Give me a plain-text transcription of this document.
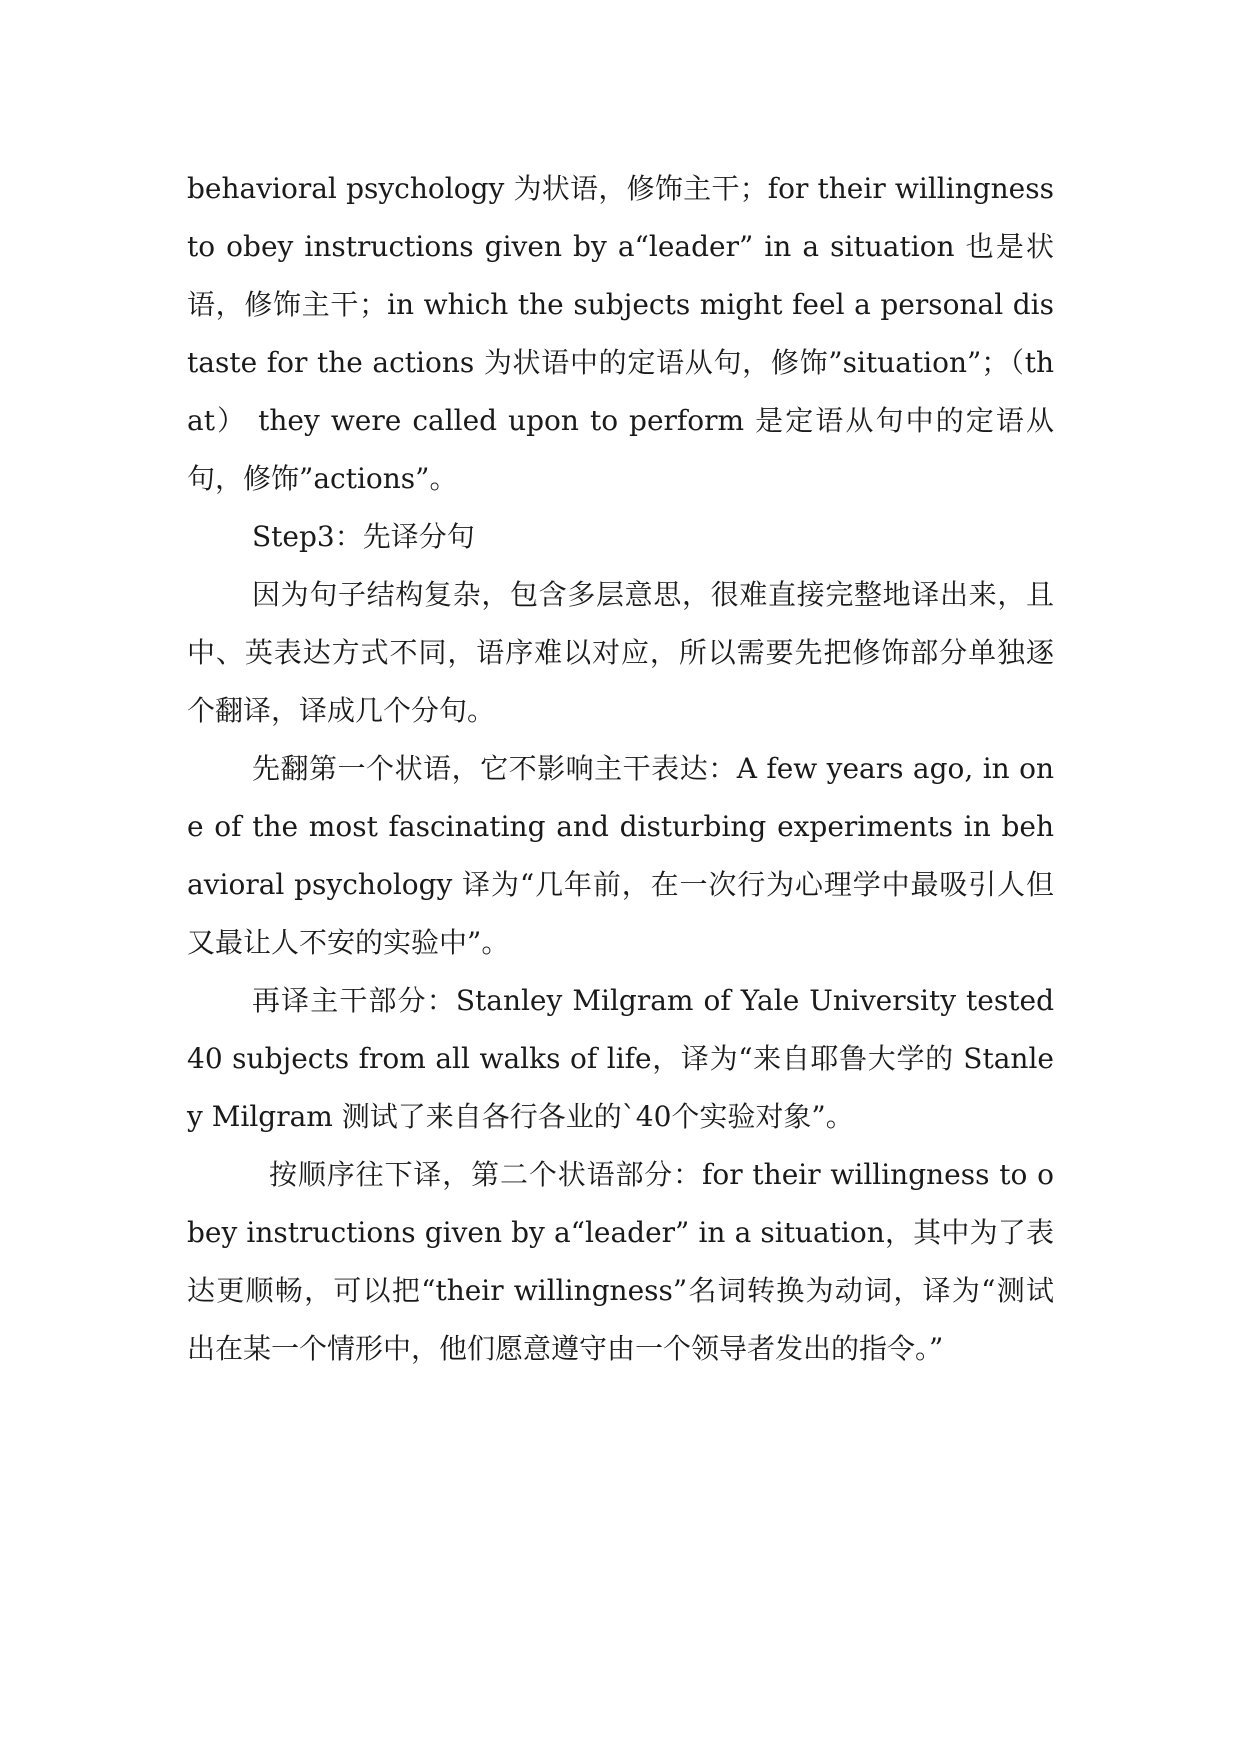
behavioral psychology 为状语，修饰主干；for their willingness to obey instructions given by a“leader” in a situation 也是状语，修饰主干；in which the subjects might feel a personal distaste for the actions 为状语中的定语从句，修饰”situation”；（that） they were called upon to perform 是定语从句中的定语从句，修饰”actions”。

Step3：先译分句

因为句子结构复杂，包含多层意思，很难直接完整地译出来，且中、英表达方式不同，语序难以对应，所以需要先把修饰部分单独逐个翻译，译成几个分句。

先翻第一个状语，它不影响主干表达：A few years ago, in one of the most fascinating and disturbing experiments in behavioral psychology 译为“几年前，在一次行为心理学中最吸引人但又最让人不安的实验中”。

再译主干部分：Stanley Milgram of Yale University tested 40 subjects from all walks of life，译为“来自耶鲁大学的 Stanley Milgram 测试了来自各行各业的`40个实验对象”。

按顺序往下译，第二个状语部分：for their willingness to obey instructions given by a“leader” in a situation，其中为了表达更顺畅，可以把“their willingness”名词转换为动词，译为“测试出在某一个情形中，他们愿意遵守由一个领导者发出的指令。”
